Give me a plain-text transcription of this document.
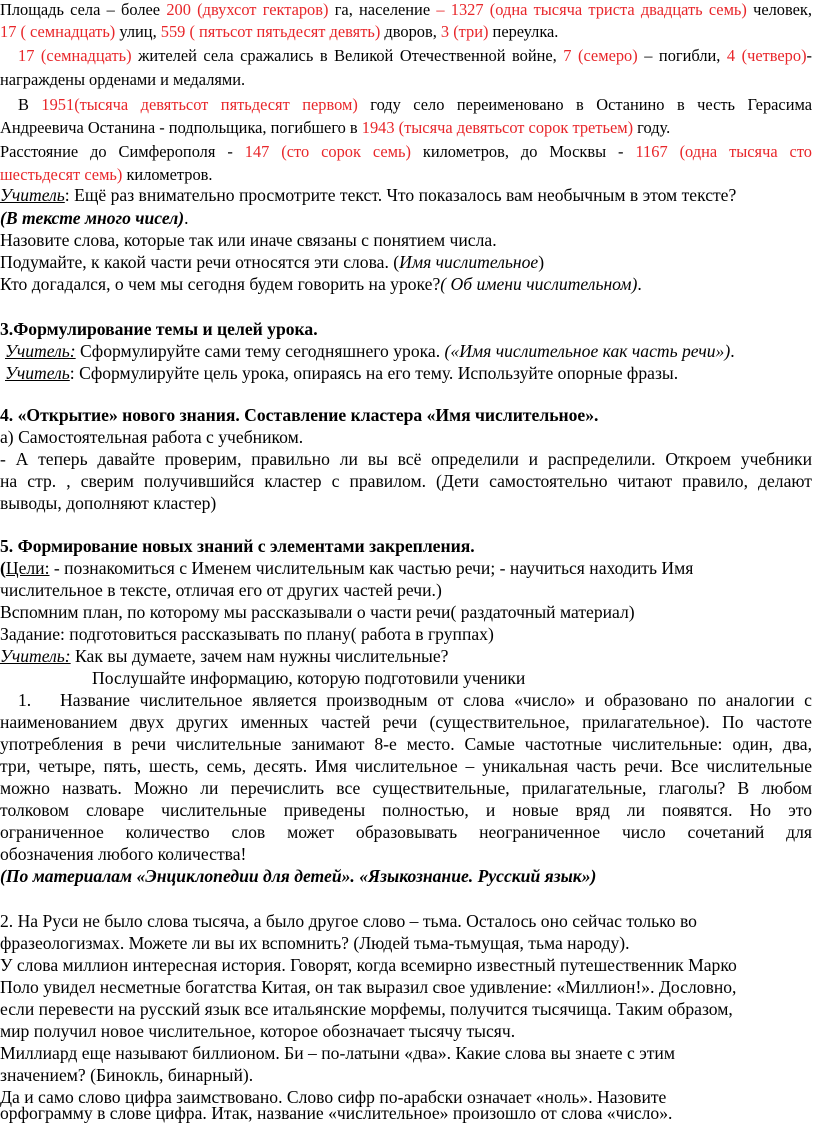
Площадь села – более 200 (двухсот гектаров) га, население – 1327 (одна тысяча триста двадцать семь) человек,
17 ( семнадцать) улиц, 559 ( пятьсот пятьдесят девять) дворов, 3 (три) переулка.
17 (семнадцать) жителей села сражались в Великой Отечественной войне, 7 (семеро) – погибли, 4 (четверо)-
награждены орденами и медалями.
В 1951(тысяча девятьсот пятьдесят первом) году село переименовано в Останино в честь Герасима
Андреевича Останина - подпольщика, погибшего в 1943 (тысяча девятьсот сорок третьем) году.
Расстояние до Симферополя - 147 (сто сорок семь) километров, до Москвы - 1167 (одна тысяча сто
шестьдесят семь) километров.
Учитель: Ещё раз внимательно просмотрите текст. Что показалось вам необычным в этом тексте?
(В тексте много чисел).
Назовите слова, которые так или иначе связаны с понятием числа.
Подумайте, к какой части речи относятся эти слова. (Имя числительное)
Кто догадался, о чем мы сегодня будем говорить на уроке?( Об имени числительном).
3.Формулирование темы и целей урока.
Учитель: Сформулируйте сами тему сегодняшнего урока. («Имя числительное как часть речи»).
Учитель: Сформулируйте цель урока, опираясь на его тему. Используйте опорные фразы.
4. «Открытие» нового знания. Составление кластера «Имя числительное».
а) Самостоятельная работа с учебником.
- А теперь давайте проверим, правильно ли вы всё определили и распределили. Откроем учебники
на стр. , сверим получившийся кластер с правилом. (Дети самостоятельно читают правило, делают
выводы, дополняют кластер)
5. Формирование новых знаний с элементами закрепления.
(Цели: - познакомиться с Именем числительным как частью речи; - научиться находить Имя
числительное в тексте, отличая его от других частей речи.)
Вспомним план, по которому мы рассказывали о части речи( раздаточный материал)
Задание: подготовиться рассказывать по плану( работа в группах)
Учитель: Как вы думаете, зачем нам нужны числительные?
Послушайте информацию, которую подготовили ученики
1. Название числительное является производным от слова «число» и образовано по аналогии с
наименованием двух других именных частей речи (существительное, прилагательное). По частоте
употребления в речи числительные занимают 8-е место. Самые частотные числительные: один, два,
три, четыре, пять, шесть, семь, десять. Имя числительное – уникальная часть речи. Все числительные
можно назвать. Можно ли перечислить все существительные, прилагательные, глаголы? В любом
толковом словаре числительные приведены полностью, и новые вряд ли появятся. Но это
ограниченное количество слов может образовывать неограниченное число сочетаний для
обозначения любого количества!
(По материалам «Энциклопедии для детей». «Языкознание. Русский язык»)
2. На Руси не было слова тысяча, а было другое слово – тьма. Осталось оно сейчас только во
фразеологизмах. Можете ли вы их вспомнить? (Людей тьма-тьмущая, тьма народу).
У слова миллион интересная история. Говорят, когда всемирно известный путешественник Марко
Поло увидел несметные богатства Китая, он так выразил свое удивление: «Миллион!». Дословно,
если перевести на русский язык все итальянские морфемы, получится тысячища. Таким образом,
мир получил новое числительное, которое обозначает тысячу тысяч.
Миллиард еще называют биллионом. Би – по-латыни «два». Какие слова вы знаете с этим
значением? (Бинокль, бинарный).
Да и само слово цифра заимствовано. Слово сифр по-арабски означает «ноль». Назовите
орфограмму в слове цифра. Итак, название «числительное» произошло от слова «число».
